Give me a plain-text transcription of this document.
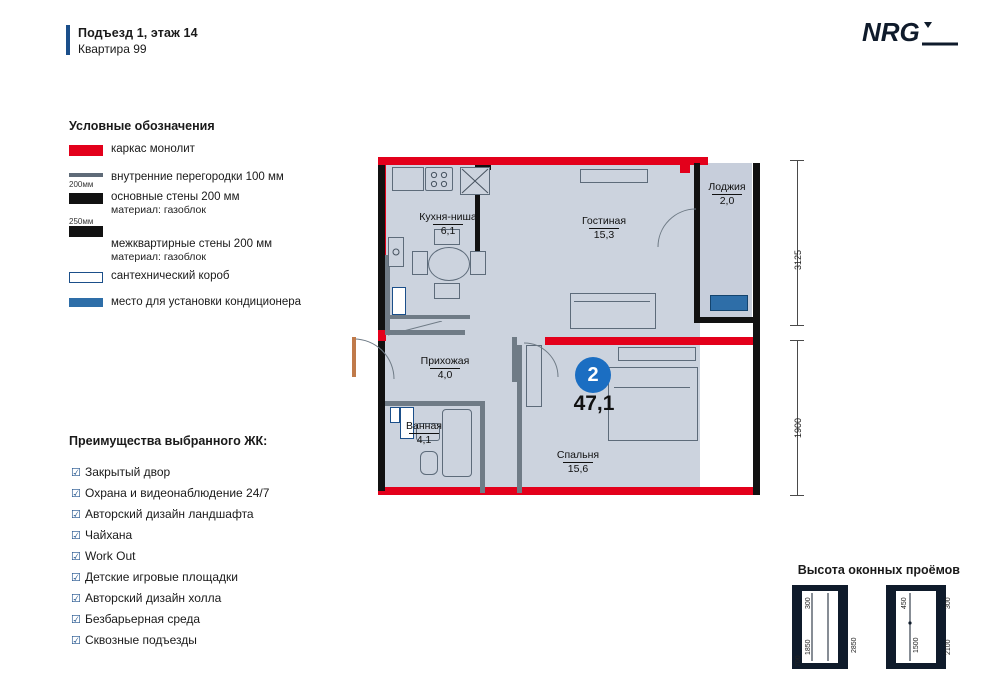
Подъезд 1, этаж 14
Квартира 99
NRG
Условные обозначения
каркас монолит
200мм
внутренние перегородки 100 мм
основные стены 200 мм
материал: газоблок
250мм
межквартирные стены 200 мм
материал: газоблок
сантехнический короб
место для установки кондиционера
Преимущества выбранного ЖК:
☑ Закрытый двор
☑ Охрана и видеонаблюдение 24/7
☑ Авторский дизайн ландшафта
☑ Чайхана
☑ Work Out
☑ Детские игровые площадки
☑ Авторский дизайн холла
☑ Безбарьерная среда
☑ Сквозные подъезды
Кухня-ниша
6,1
Гостиная
15,3
Лоджия
2,0
Прихожая
4,0
Ванная
4,1
Спальня
15,6
2
47,1
3125
1900
Высота оконных проёмов
300
1850
700
2850
450
1500	2100
300
